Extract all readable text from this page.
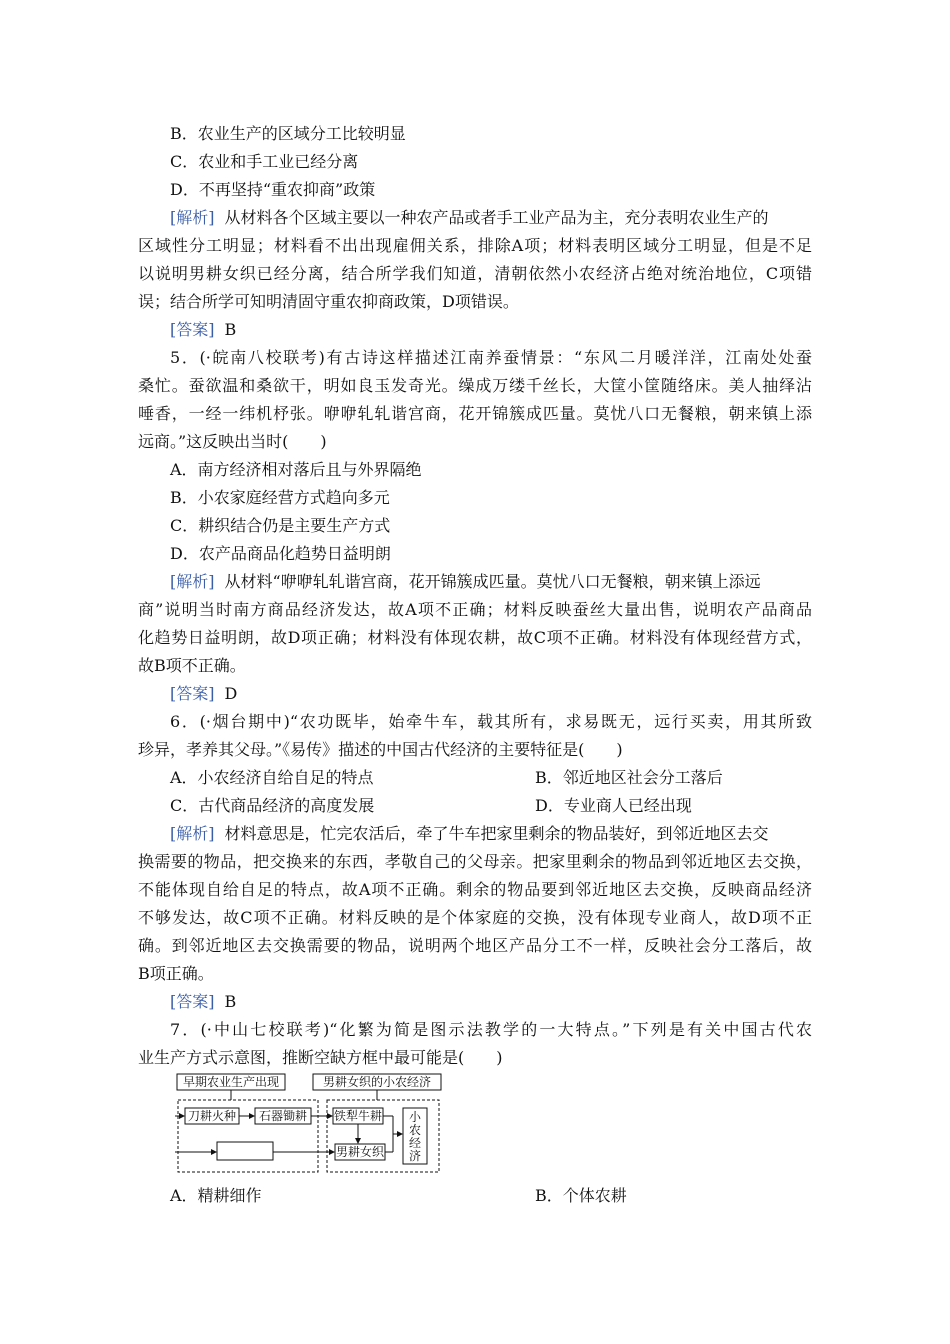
B．农业生产的区域分工比较明显
C．农业和手工业已经分离
D．不再坚持“重农抑商”政策
[解析] 从材料各个区域主要以一种农产品或者手工业产品为主，充分表明农业生产的
区域性分工明显；材料看不出出现雇佣关系，排除A项；材料表明区域分工明显，但是不足
以说明男耕女织已经分离，结合所学我们知道，清朝依然小农经济占绝对统治地位，C项错
误；结合所学可知明清固守重农抑商政策，D项错误。
[答案] B
5．(·皖南八校联考)有古诗这样描述江南养蚕情景：“东风二月暖洋洋，江南处处蚕
桑忙。蚕欲温和桑欲干，明如良玉发奇光。缲成万缕千丝长，大筐小筐随络床。美人抽绎沾
唾香，一经一纬机杼张。咿咿轧轧谐宫商，花开锦簇成匹量。莫忧八口无餐粮，朝来镇上添
远商。”这反映出当时(　　)
A．南方经济相对落后且与外界隔绝
B．小农家庭经营方式趋向多元
C．耕织结合仍是主要生产方式
D．农产品商品化趋势日益明朗
[解析] 从材料“咿咿轧轧谐宫商，花开锦簇成匹量。莫忧八口无餐粮，朝来镇上添远
商”说明当时南方商品经济发达，故A项不正确；材料反映蚕丝大量出售，说明农产品商品
化趋势日益明朗，故D项正确；材料没有体现农耕，故C项不正确。材料没有体现经营方式，
故B项不正确。
[答案] D
6．(·烟台期中)“农功既毕，始牵牛车，载其所有，求易既无，远行买卖，用其所致
珍异，孝养其父母。”《易传》描述的中国古代经济的主要特征是(　　)
A．小农经济自给自足的特点	B．邻近地区社会分工落后
C．古代商品经济的高度发展	D．专业商人已经出现
[解析] 材料意思是，忙完农活后，牵了牛车把家里剩余的物品装好，到邻近地区去交
换需要的物品，把交换来的东西，孝敬自己的父母亲。把家里剩余的物品到邻近地区去交换，
不能体现自给自足的特点，故A项不正确。剩余的物品要到邻近地区去交换，反映商品经济
不够发达，故C项不正确。材料反映的是个体家庭的交换，没有体现专业商人，故D项不正
确。到邻近地区去交换需要的物品，说明两个地区产品分工不一样，反映社会分工落后，故
B项正确。
[答案] B
7．(·中山七校联考)“化繁为简是图示法教学的一大特点。”下列是有关中国古代农
业生产方式示意图，推断空缺方框中最可能是(　　)
早期农业生产出现	男耕女织的小农经济
刀耕火种 石器锄耕 铁犁牛耕
男耕女织
小
农
经
济
A．精耕细作	B．个体农耕
